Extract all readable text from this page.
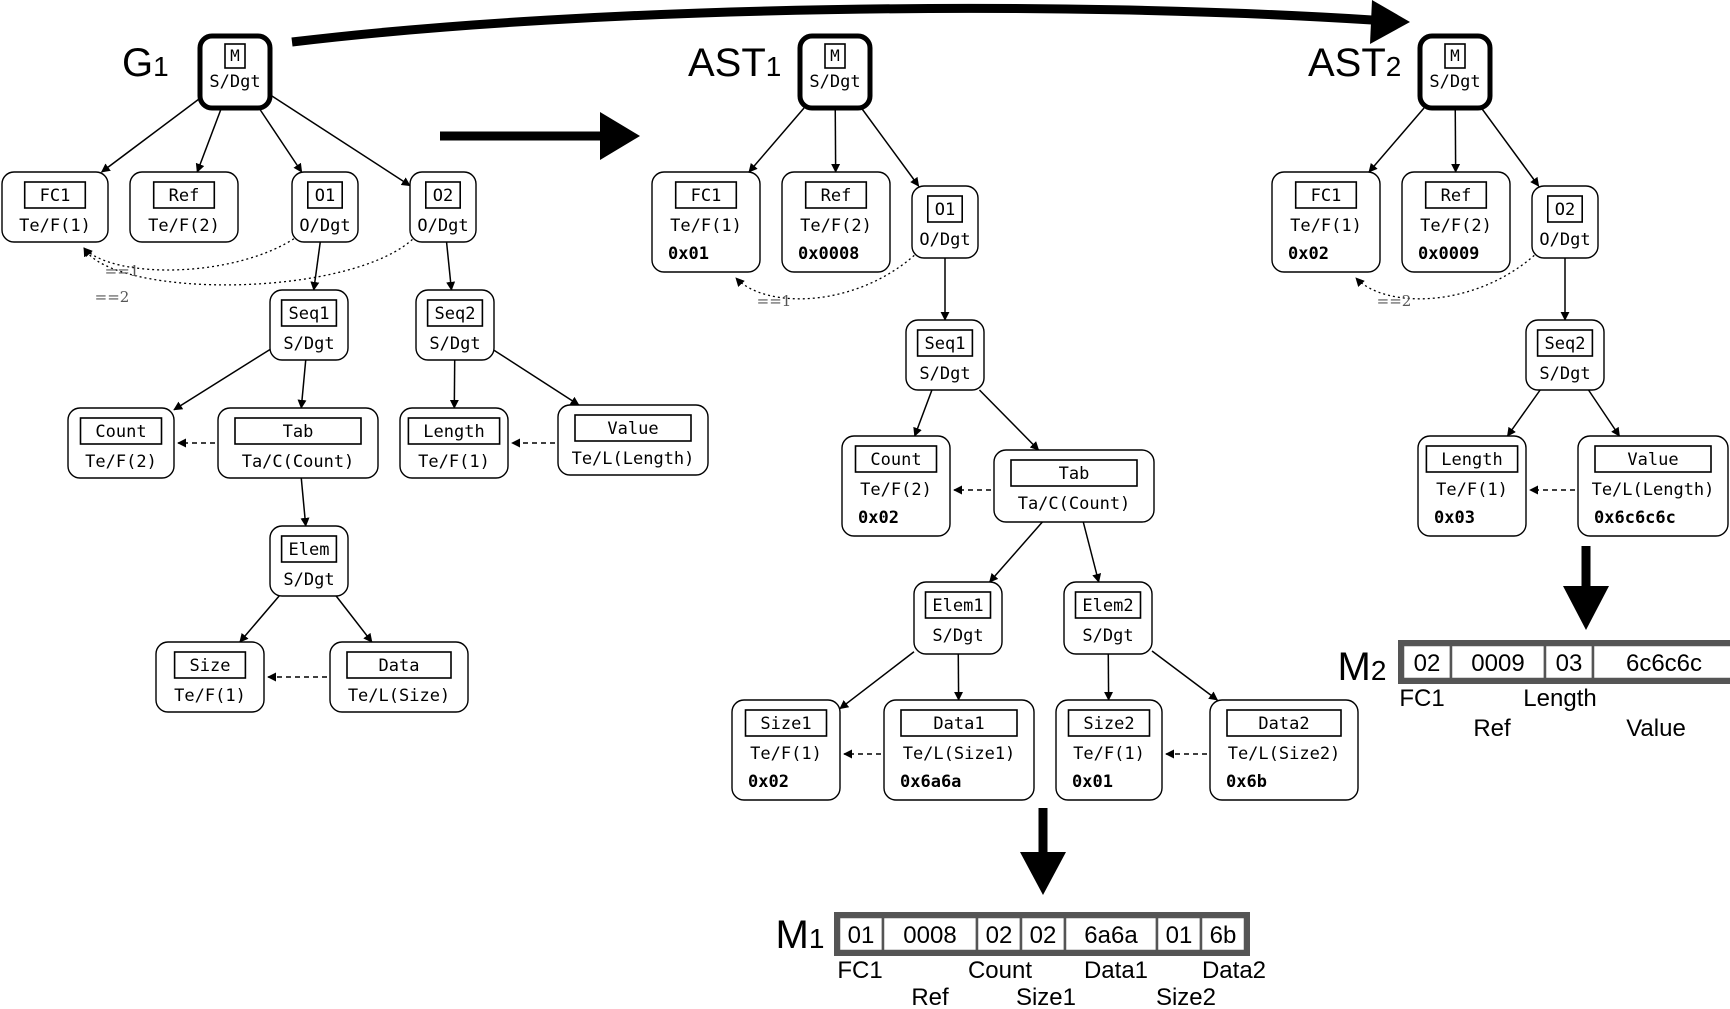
M
S/Dgt
FC1
Te/F(1)
Ref
Te/F(2)
O1
O/Dgt
O2
O/Dgt
Seq1
S/Dgt
Seq2
S/Dgt
Count
Te/F(2)
Tab
Ta/C(Count)
Length
Te/F(1)
Value
Te/L(Length)
Elem
S/Dgt
Size
Te/F(1)
Data
Te/L(Size)
M
S/Dgt
FC1
Te/F(1)
0x01
Ref
Te/F(2)
0x0008
O1
O/Dgt
Seq1
S/Dgt
Count
Te/F(2)
0x02
Tab
Ta/C(Count)
Elem1
S/Dgt
Elem2
S/Dgt
Size1
Te/F(1)
0x02
Data1
Te/L(Size1)
0x6a6a
Size2
Te/F(1)
0x01
Data2
Te/L(Size2)
0x6b
M
S/Dgt
FC1
Te/F(1)
0x02
Ref
Te/F(2)
0x0009
O2
O/Dgt
Seq2
S/Dgt
Length
Te/F(1)
0x03
Value
Te/L(Length)
0x6c6c6c
G1	AST1	AST2
==1
==2	==1	==2
M1 01 0008 02 02 6a6a 01 6b
FC1	Count Data1 Data2
Ref	Size1	Size2
M2 02 0009 03 6c6c6c
FC1	Length
Ref	Value
